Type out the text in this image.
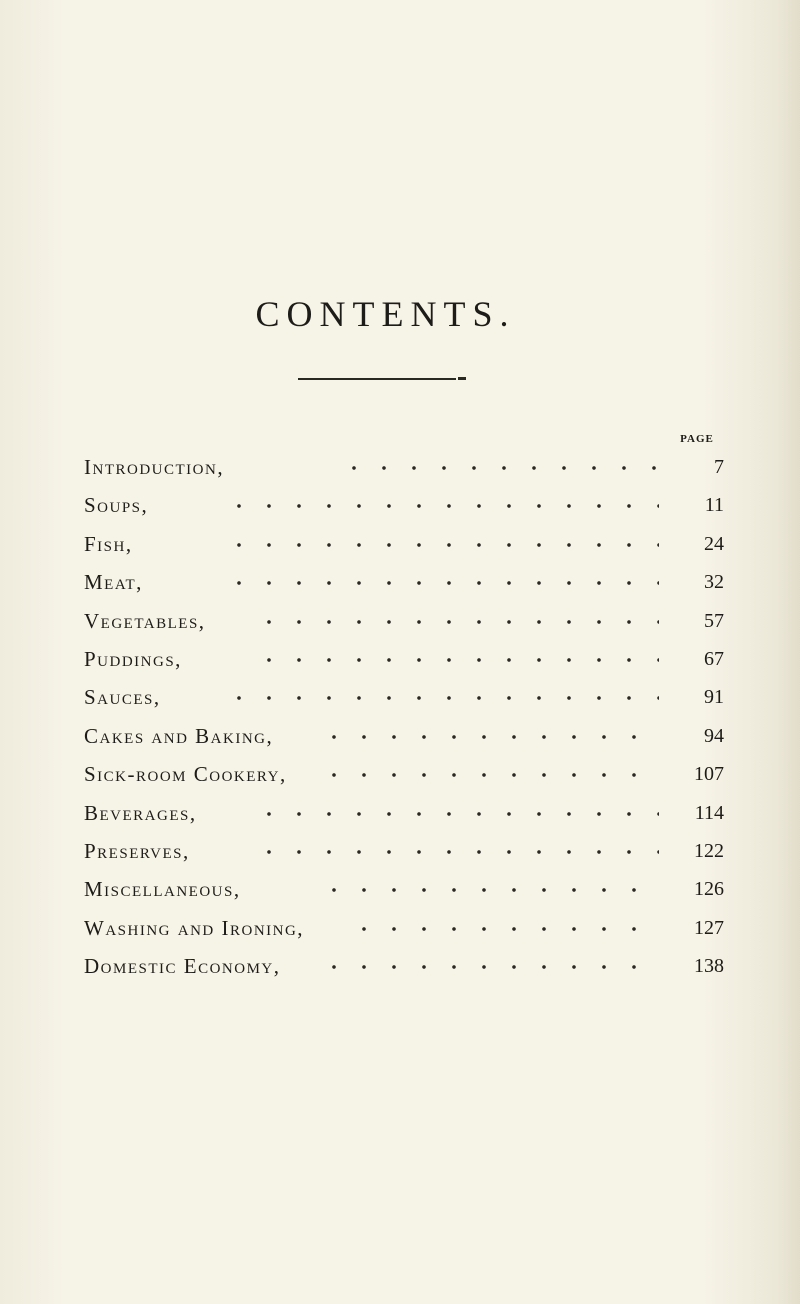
CONTENTS.
PAGE
Introduction,	7
Soups,	11
Fish,	24
Meat,	32
Vegetables,	57
Puddings,	67
Sauces,	91
Cakes and Baking,	94
Sick-room Cookery,	107
Beverages,	114
Preserves,	122
Miscellaneous,	126
Washing and Ironing,	127
Domestic Economy,	138
